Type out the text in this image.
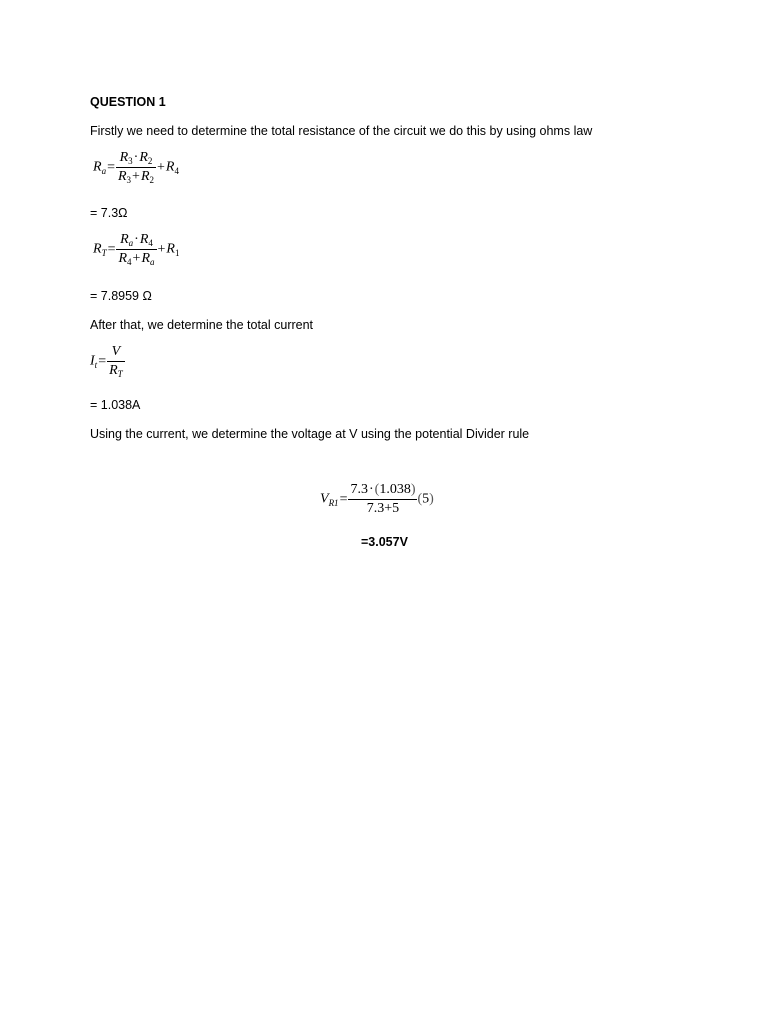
QUESTION 1
Firstly we need to determine the total resistance of the circuit we do this by using ohms law
$R_a= \frac{R_3\cdot R_2}{R_3+R_2} +R_4$
= 7.3Ω
$R_T= \frac{R_a\cdot R_4}{R_4+R_a} +R_1$
= 7.8959 Ω
After that, we determine the total current
$I_t= \frac{V}{R_T}$
= 1.038A
Using the current, we determine the voltage at V using the potential Divider rule
$V_{R1}= \frac{7.3\cdot(1.038)}{7.3+5} (5)$
=3.057V
